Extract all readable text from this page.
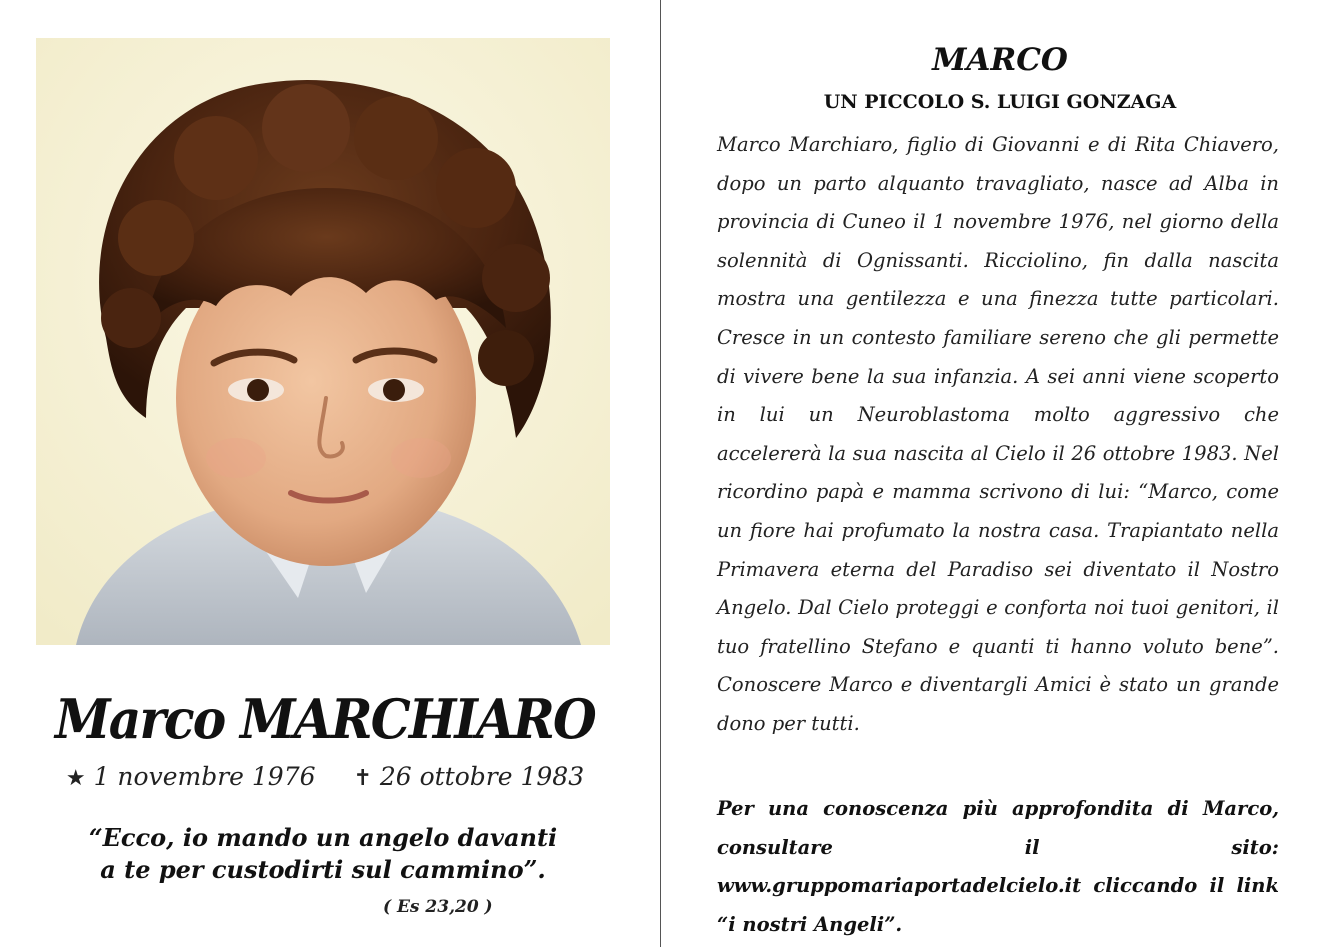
Marco MARCHIARO
★ 1 novembre 1976 ✝ 26 ottobre 1983
“Ecco, io mando un angelo davanti
a te per custodirti sul cammino”.
( Es 23,20 )
MARCO
UN PICCOLO S. LUIGI GONZAGA
Marco Marchiaro, figlio di Giovanni e di Rita Chiavero, dopo un parto alquanto travagliato, nasce ad Alba in provincia di Cuneo il 1 novembre 1976, nel giorno della solennità di Ognissanti. Ricciolino, fin dalla nascita mostra una gentilezza e una finezza tutte particolari. Cresce in un contesto familiare sereno che gli permette di vivere bene la sua infanzia. A sei anni viene scoperto in lui un Neuroblastoma molto aggressivo che accelererà la sua nascita al Cielo il 26 ottobre 1983. Nel ricordino papà e mamma scrivono di lui: “Marco, come un fiore hai profumato la nostra casa. Trapiantato nella Primavera eterna del Paradiso sei diventato il Nostro Angelo. Dal Cielo proteggi e conforta noi tuoi genitori, il tuo fratellino Stefano e quanti ti hanno voluto bene”. Conoscere Marco e diventargli Amici è stato un grande dono per tutti.
Per una conoscenza più approfondita di Marco, consultare il sito: www.gruppomariaportadelcielo.it cliccando il link “i nostri Angeli”.
